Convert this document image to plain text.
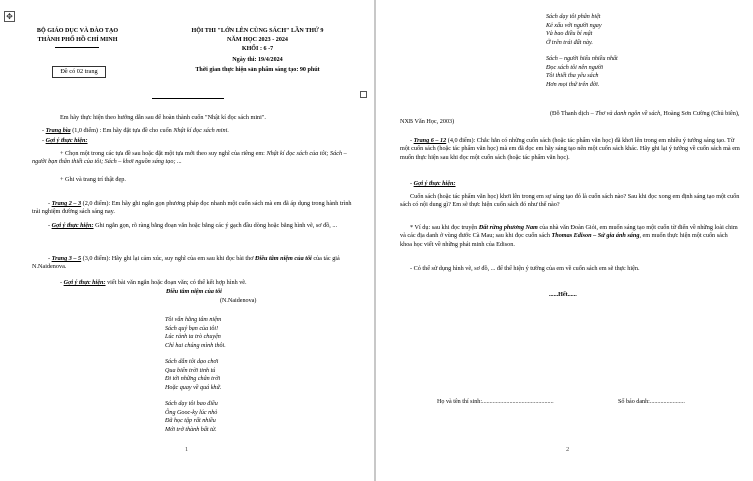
✥
BỘ GIÁO DỤC VÀ ĐÀO TẠO
THÀNH PHỐ HỒ CHÍ MINH
Đề có 02 trang
HỘI THI "LỚN LÊN CÙNG SÁCH" LẦN THỨ 9
NĂM HỌC 2023 - 2024
KHỐI : 6 -7
Ngày thi: 19/4/2024
Thời gian thực hiện sản phẩm sáng tạo: 90 phút
Em hãy thực hiện theo hướng dẫn sau để hoàn thành cuốn "Nhật kí đọc sách mini".
- Trang bìa (1,0 điểm) : Em hãy đặt tựa đề cho cuốn Nhật kí đọc sách mini.
- Gợi ý thực hiện:
+ Chọn một trong các tựa đề sau hoặc đặt một tựa mới theo suy nghĩ của riêng em: Nhật kí đọc sách của tôi; Sách – người bạn thân thiết của tôi; Sách – khơi nguồn sáng tạo; ...
+ Ghi và trang trí thật đẹp.
- Trang 2 – 3 (2,0 điểm): Em hãy ghi ngắn gọn phương pháp đọc nhanh một cuốn sách mà em đã áp dụng trong hành trình trải nghiệm đường sách sáng nay.
- Gợi ý thực hiện: Ghi ngắn gọn, rõ ràng bằng đoạn văn hoặc bằng các ý gạch đầu dòng hoặc bằng hình vẽ, sơ đồ, ...
- Trang 3 – 5 (3,0 điểm): Hãy ghi lại cảm xúc, suy nghĩ của em sau khi đọc bài thơ Điều tâm niệm của tôi của tác giả N.Naidenova.
- Gợi ý thực hiện: viết bài văn ngắn hoặc đoạn văn; có thể kết hợp hình vẽ.
Điều tâm niệm của tôi
(N.Naidenova)
Tôi vẫn hằng tâm niệm
Sách quý bạn của tôi!
Lúc rảnh ta trò chuyện
Chỉ hai chúng mình thôi.
Sách dẫn tôi dạo chơi
Qua biển trời tinh tú
Đi tới những chân trời
Hoặc quay về quá khứ.
Sách dạy tôi bao điều
Ông Gooc-ky lúc nhỏ
Đã học tập rất nhiều
Mới trở thành bất tử.
1
Sách dạy tôi phân biệt
Kẻ xấu với người ngay
Và bao điều bí mật
Ở trên trái đất này.
Sách – người hiểu nhiều nhất
Đọc sách tôi nên người
Tôi thiết tha yêu sách
Hơn mọi thứ trên đời.
(Đỗ Thanh dịch – Thơ và danh ngôn về sách, Hoàng Sơn Cường (Chủ biên), NXB Văn Học, 2003)
- Trang 6 – 12 (4,0 điểm): Chắc hẳn có những cuốn sách (hoặc tác phẩm văn học) đã khơi lên trong em nhiều ý tưởng sáng tạo. Từ một cuốn sách (hoặc tác phẩm văn học) mà em đã đọc em hãy sáng tạo nên một cuốn sách khác. Hãy ghi lại ý tưởng về cuốn sách mà em muốn thực hiện sau khi đọc một cuốn sách (hoặc tác phẩm văn học).
- Gợi ý thực hiện:
Cuốn sách (hoặc tác phẩm văn học) khơi lên trong em sự sáng tạo đó là cuốn sách nào? Sau khi đọc xong em định sáng tạo một cuốn sách có nội dung gì? Em sẽ thực hiện cuốn sách đó như thế nào?
* Ví dụ: sau khi đọc truyện Đất rừng phương Nam của nhà văn Đoàn Giỏi, em muốn sáng tạo một cuốn từ điển về những loài chim và các địa danh ở vùng đước Cà Mau; sau khi đọc cuốn sách Thomas Edison – Sử gia ánh sáng, em muốn thực hiện một cuốn sách khoa học viết về những phát minh của Edison.
- Có thể sử dụng hình vẽ, sơ đồ, ... để thể hiện ý tưởng của em về cuốn sách em sẽ thực hiện.
......Hết......
Họ và tên thí sinh:...............................................	Số báo danh:.......................
2
